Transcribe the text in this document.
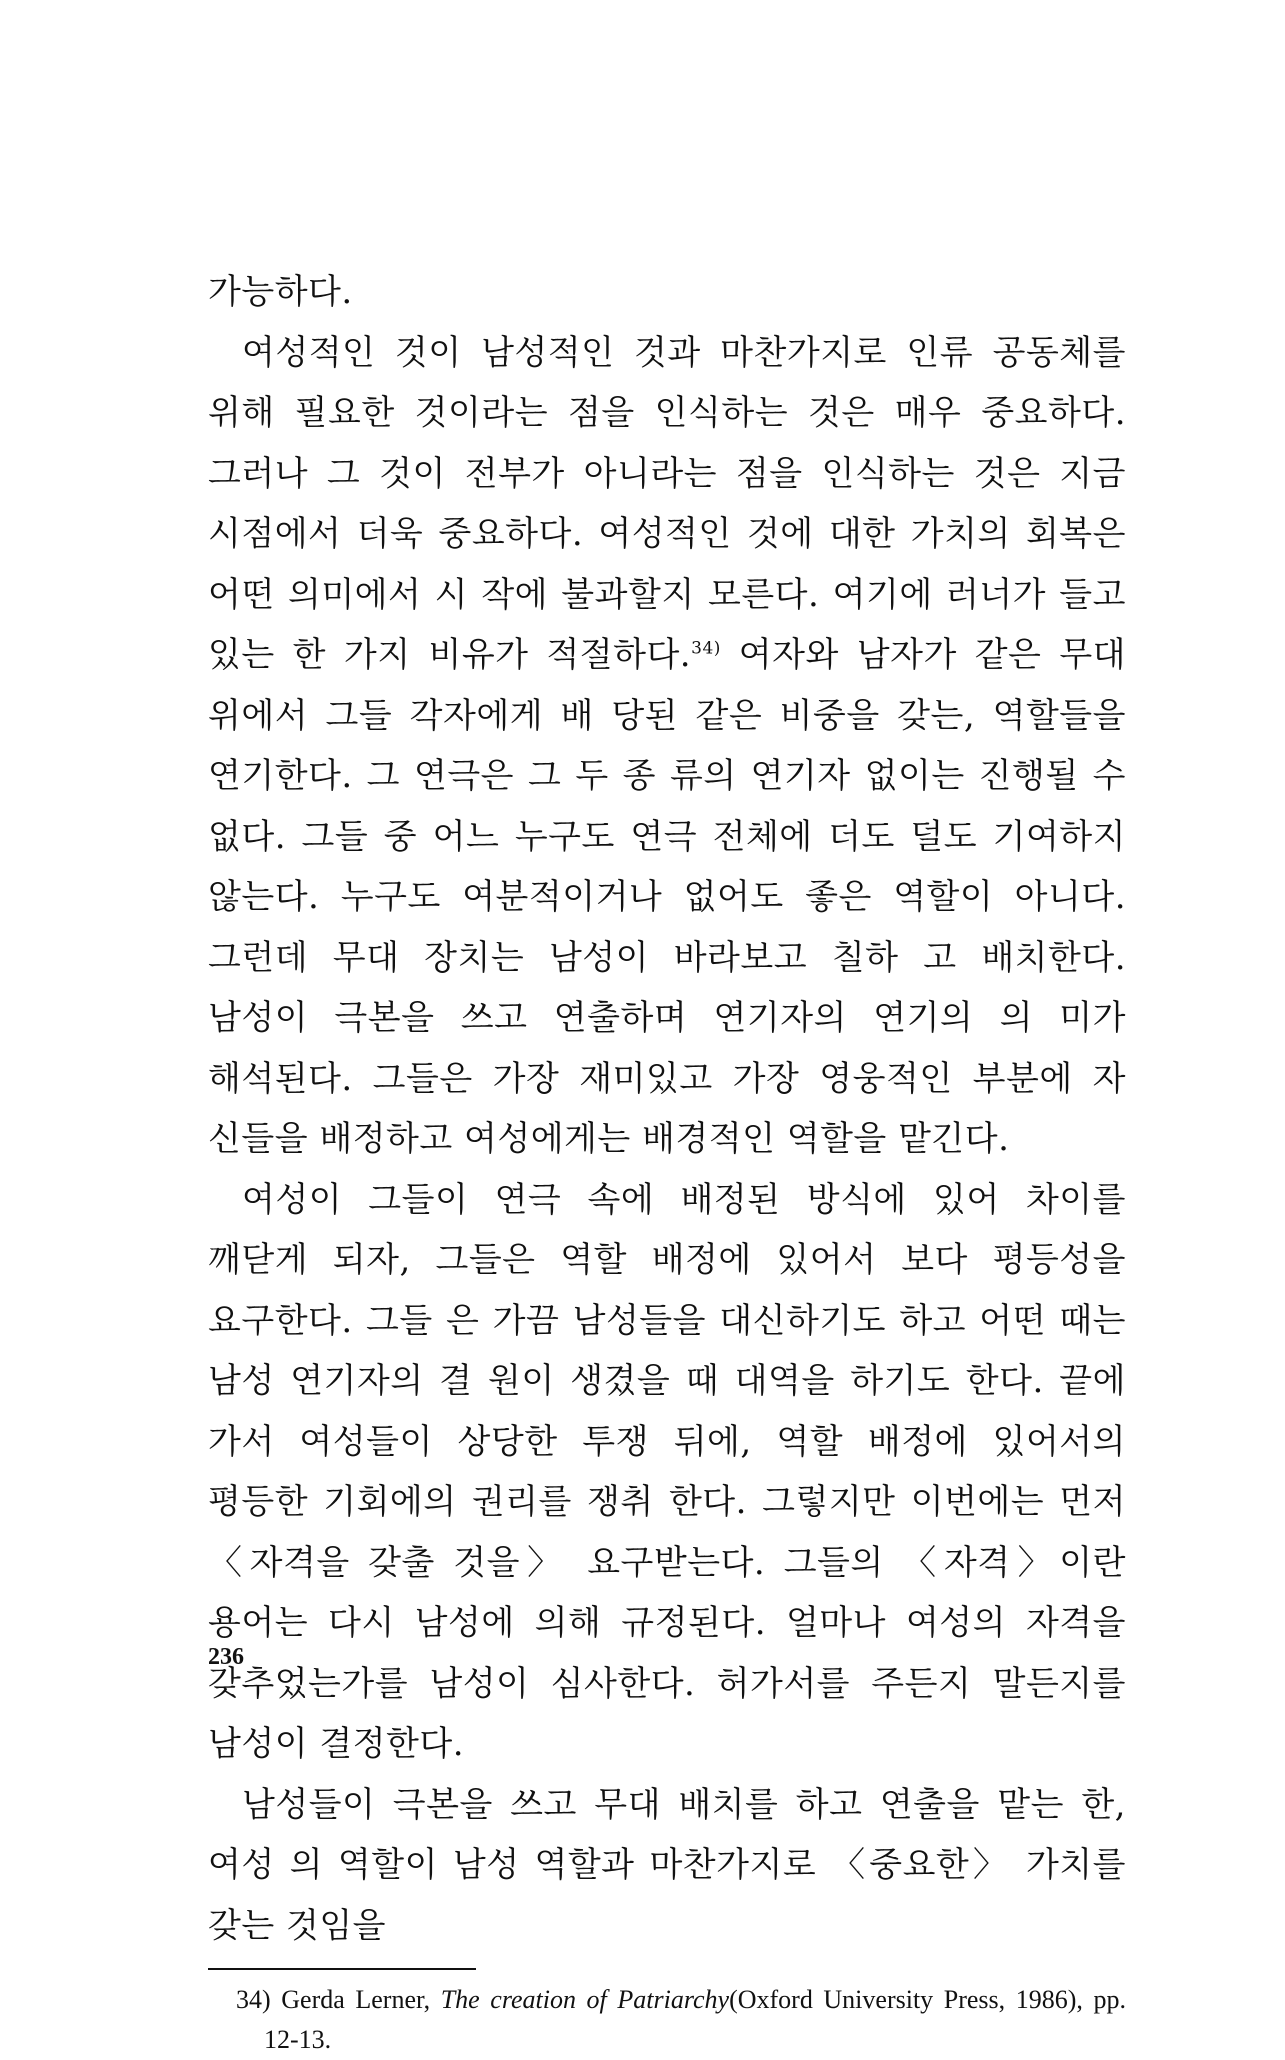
가능하다.

여성적인 것이 남성적인 것과 마찬가지로 인류 공동체를 위해 필요한 것이라는 점을 인식하는 것은 매우 중요하다. 그러나 그 것이 전부가 아니라는 점을 인식하는 것은 지금 시점에서 더욱 중요하다. 여성적인 것에 대한 가치의 회복은 어떤 의미에서 시 작에 불과할지 모른다. 여기에 러너가 들고 있는 한 가지 비유가 적절하다.$^{34)}$ 여자와 남자가 같은 무대 위에서 그들 각자에게 배 당된 같은 비중을 갖는, 역할들을 연기한다. 그 연극은 그 두 종 류의 연기자 없이는 진행될 수 없다. 그들 중 어느 누구도 연극 전체에 더도 덜도 기여하지 않는다. 누구도 여분적이거나 없어도 좋은 역할이 아니다. 그런데 무대 장치는 남성이 바라보고 칠하 고 배치한다. 남성이 극본을 쓰고 연출하며 연기자의 연기의 의 미가 해석된다. 그들은 가장 재미있고 가장 영웅적인 부분에 자 신들을 배정하고 여성에게는 배경적인 역할을 맡긴다.

여성이 그들이 연극 속에 배정된 방식에 있어 차이를 깨닫게 되자, 그들은 역할 배정에 있어서 보다 평등성을 요구한다. 그들 은 가끔 남성들을 대신하기도 하고 어떤 때는 남성 연기자의 결 원이 생겼을 때 대역을 하기도 한다. 끝에 가서 여성들이 상당한 투쟁 뒤에, 역할 배정에 있어서의 평등한 기회에의 권리를 쟁취 한다. 그렇지만 이번에는 먼저 〈자격을 갖출 것을〉 요구받는다. 그들의 〈자격〉이란 용어는 다시 남성에 의해 규정된다. 얼마나 여성의 자격을 갖추었는가를 남성이 심사한다. 허가서를 주든지 말든지를 남성이 결정한다.

남성들이 극본을 쓰고 무대 배치를 하고 연출을 맡는 한, 여성 의 역할이 남성 역할과 마찬가지로 〈중요한〉 가치를 갖는 것임을

34) Gerda Lerner, The creation of Patriarchy(Oxford University Press, 1986), pp. 12-13.
236
